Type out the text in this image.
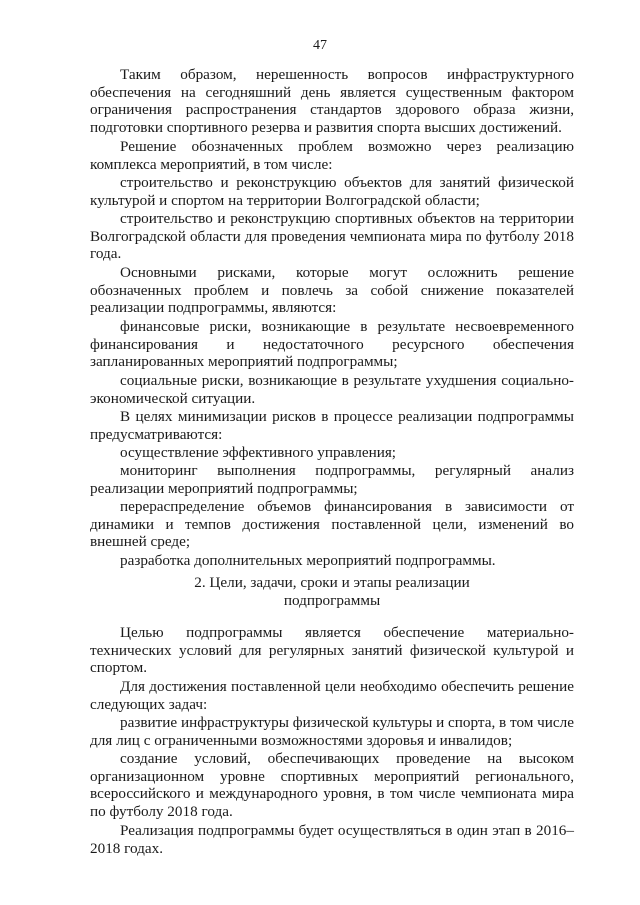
47

Таким образом, нерешенность вопросов инфраструктурного обеспечения на сегодняшний день является существенным фактором ограничения распространения стандартов здорового образа жизни, подготовки спортивного резерва и развития спорта высших достижений.

Решение обозначенных проблем возможно через реализацию комплекса мероприятий, в том числе:

строительство и реконструкцию объектов для занятий физической культурой и спортом на территории Волгоградской области;

строительство и реконструкцию спортивных объектов на территории Волгоградской области для проведения чемпионата мира по футболу 2018 года.

Основными рисками, которые могут осложнить решение обозначенных проблем и повлечь за собой снижение показателей реализации подпрограммы, являются:

финансовые риски, возникающие в результате несвоевременного финансирования и недостаточного ресурсного обеспечения запланированных мероприятий подпрограммы;

социальные риски, возникающие в результате ухудшения социально-экономической ситуации.

В целях минимизации рисков в процессе реализации подпрограммы предусматриваются:

осуществление эффективного управления;

мониторинг выполнения подпрограммы, регулярный анализ реализации мероприятий подпрограммы;

перераспределение объемов финансирования в зависимости от динамики и темпов достижения поставленной цели, изменений во внешней среде;

разработка дополнительных мероприятий подпрограммы.

2. Цели, задачи, сроки и этапы реализации
подпрограммы

Целью подпрограммы является обеспечение материально-технических условий для регулярных занятий физической культурой и спортом.

Для достижения поставленной цели необходимо обеспечить решение следующих задач:

развитие инфраструктуры физической культуры и спорта, в том числе для лиц с ограниченными возможностями здоровья и инвалидов;

создание условий, обеспечивающих проведение на высоком организационном уровне спортивных мероприятий регионального, всероссийского и международного уровня, в том числе чемпионата мира по футболу 2018 года.

Реализация подпрограммы будет осуществляться в один этап в 2016–2018 годах.
